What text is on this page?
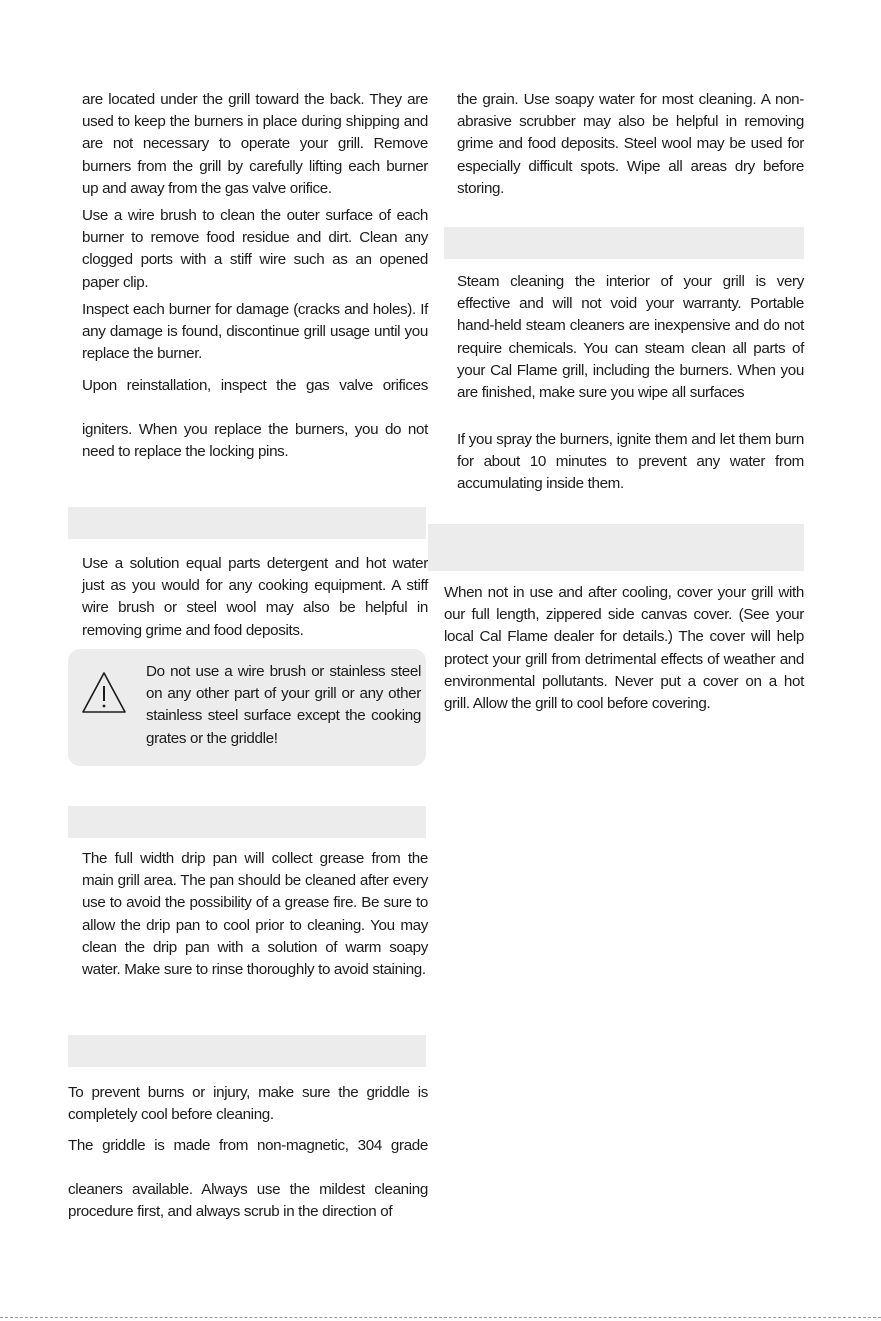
are located under the grill toward the back. They are used to keep the burners in place during shipping and are not necessary to operate your grill. Remove burners from the grill by carefully lifting each burner up and away from the gas valve orifice.

Use a wire brush to clean the outer surface of each burner to remove food residue and dirt. Clean any clogged ports with a stiff wire such as an opened paper clip.

Inspect each burner for damage (cracks and holes). If any damage is found, discontinue grill usage until you replace the burner.

Upon reinstallation, inspect the gas valve orifices

igniters. When you replace the burners, you do not need to replace the locking pins.

Use a solution equal parts detergent and hot water just as you would for any cooking equipment. A stiff wire brush or steel wool may also be helpful in removing grime and food deposits.

Do not use a wire brush or stainless steel on any other part of your grill or any other stainless steel surface except the cooking grates or the griddle!

The full width drip pan will collect grease from the main grill area. The pan should be cleaned after every use to avoid the possibility of a grease fire. Be sure to allow the drip pan to cool prior to cleaning. You may clean the drip pan with a solution of warm soapy water. Make sure to rinse thoroughly to avoid staining.

To prevent burns or injury, make sure the griddle is completely cool before cleaning.

The griddle is made from non-magnetic, 304 grade

cleaners available. Always use the mildest cleaning procedure first, and always scrub in the direction of

the grain. Use soapy water for most cleaning. A non-abrasive scrubber may also be helpful in removing grime and food deposits. Steel wool may be used for especially difficult spots. Wipe all areas dry before storing.

Steam cleaning the interior of your grill is very effective and will not void your warranty. Portable hand-held steam cleaners are inexpensive and do not require chemicals. You can steam clean all parts of your Cal Flame grill, including the burners. When you are finished, make sure you wipe all surfaces

If you spray the burners, ignite them and let them burn for about 10 minutes to prevent any water from accumulating inside them.

When not in use and after cooling, cover your grill with our full length, zippered side canvas cover. (See your local Cal Flame dealer for details.) The cover will help protect your grill from detrimental effects of weather and environmental pollutants. Never put a cover on a hot grill. Allow the grill to cool before covering.
